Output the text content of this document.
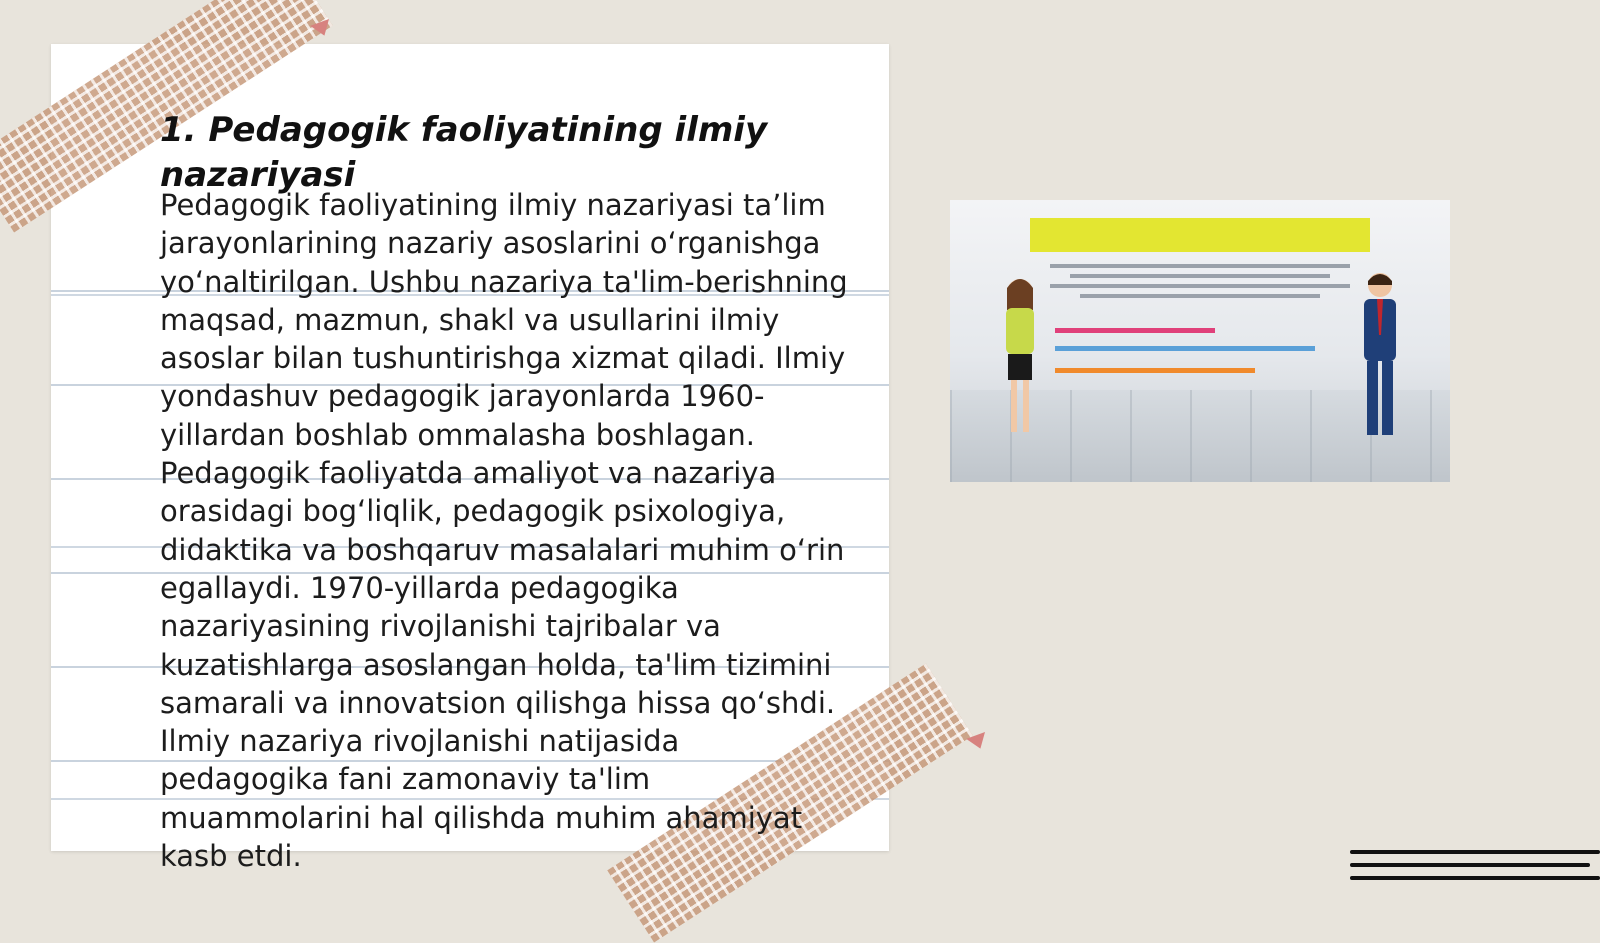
1. Pedagogik faoliyatining ilmiy nazariyasi

Pedagogik faoliyatining ilmiy nazariyasi ta’lim jarayonlarining nazariy asoslarini o‘rganishga yo‘naltirilgan. Ushbu nazariya ta'lim-berishning maqsad, mazmun, shakl va usullarini ilmiy asoslar bilan tushuntirishga xizmat qiladi. Ilmiy yondashuv pedagogik jarayonlarda 1960-yillardan boshlab ommalasha boshlagan. Pedagogik faoliyatda amaliyot va nazariya orasidagi bog‘liqlik, pedagogik psixologiya, didaktika va boshqaruv masalalari muhim o‘rin egallaydi. 1970-yillarda pedagogika nazariyasining rivojlanishi tajribalar va kuzatishlarga asoslangan holda, ta'lim tizimini samarali va innovatsion qilishga hissa qo‘shdi. Ilmiy nazariya rivojlanishi natijasida pedagogika fani zamonaviy ta'lim muammolarini hal qilishda muhim ahamiyat kasb etdi.
